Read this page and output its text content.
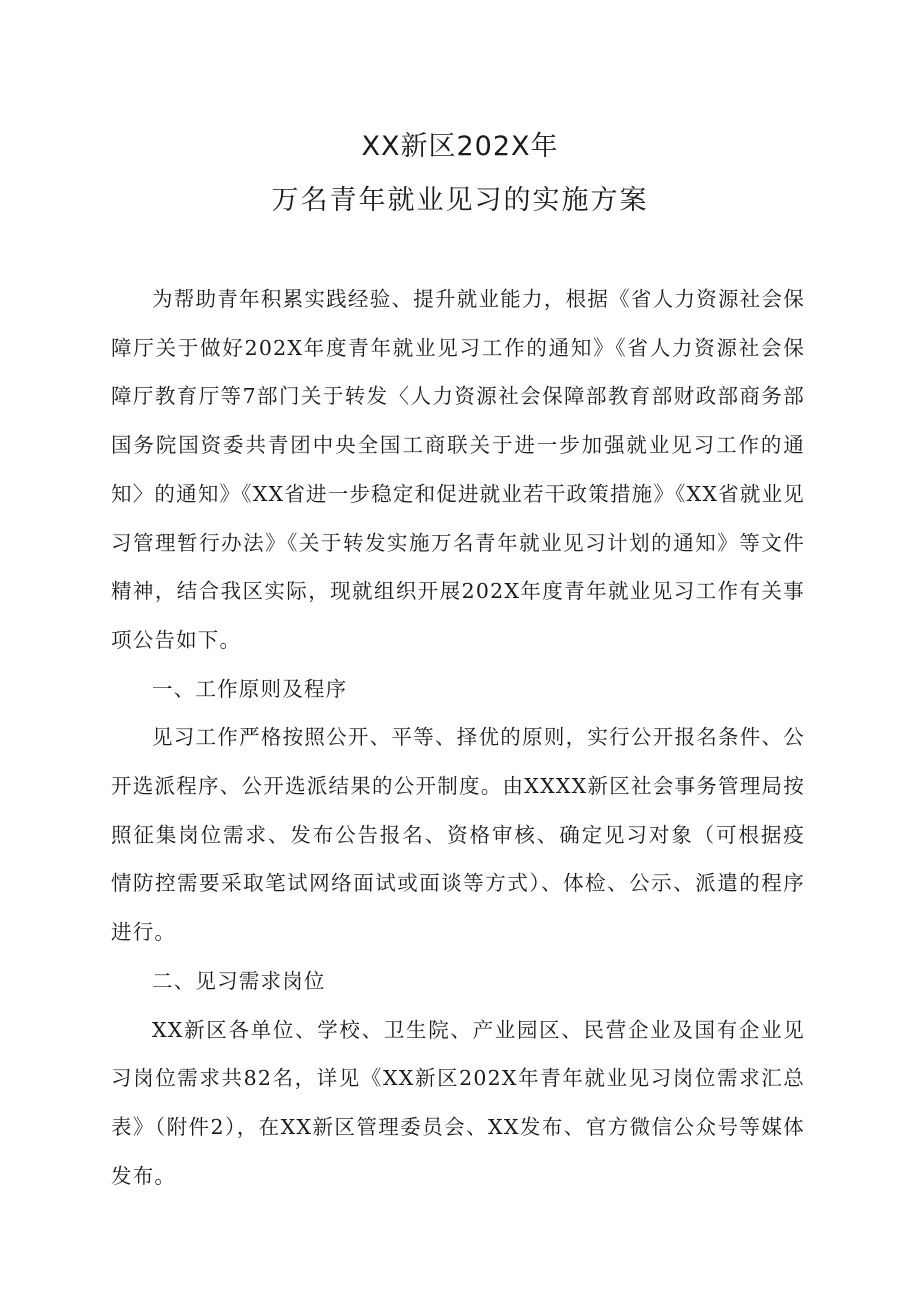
XX新区202X年

万名青年就业见习的实施方案

为帮助青年积累实践经验、提升就业能力，根据《省人力资源社会保障厅关于做好202X年度青年就业见习工作的通知》《省人力资源社会保障厅教育厅等7部门关于转发〈人力资源社会保障部教育部财政部商务部国务院国资委共青团中央全国工商联关于进一步加强就业见习工作的通知〉的通知》《XX省进一步稳定和促进就业若干政策措施》《XX省就业见习管理暂行办法》《关于转发实施万名青年就业见习计划的通知》等文件精神，结合我区实际，现就组织开展202X年度青年就业见习工作有关事项公告如下。

一、工作原则及程序

见习工作严格按照公开、平等、择优的原则，实行公开报名条件、公开选派程序、公开选派结果的公开制度。由XXXX新区社会事务管理局按照征集岗位需求、发布公告报名、资格审核、确定见习对象（可根据疫情防控需要采取笔试网络面试或面谈等方式）、体检、公示、派遣的程序进行。

二、见习需求岗位

XX新区各单位、学校、卫生院、产业园区、民营企业及国有企业见习岗位需求共82名，详见《XX新区202X年青年就业见习岗位需求汇总表》（附件2），在XX新区管理委员会、XX发布、官方微信公众号等媒体发布。
